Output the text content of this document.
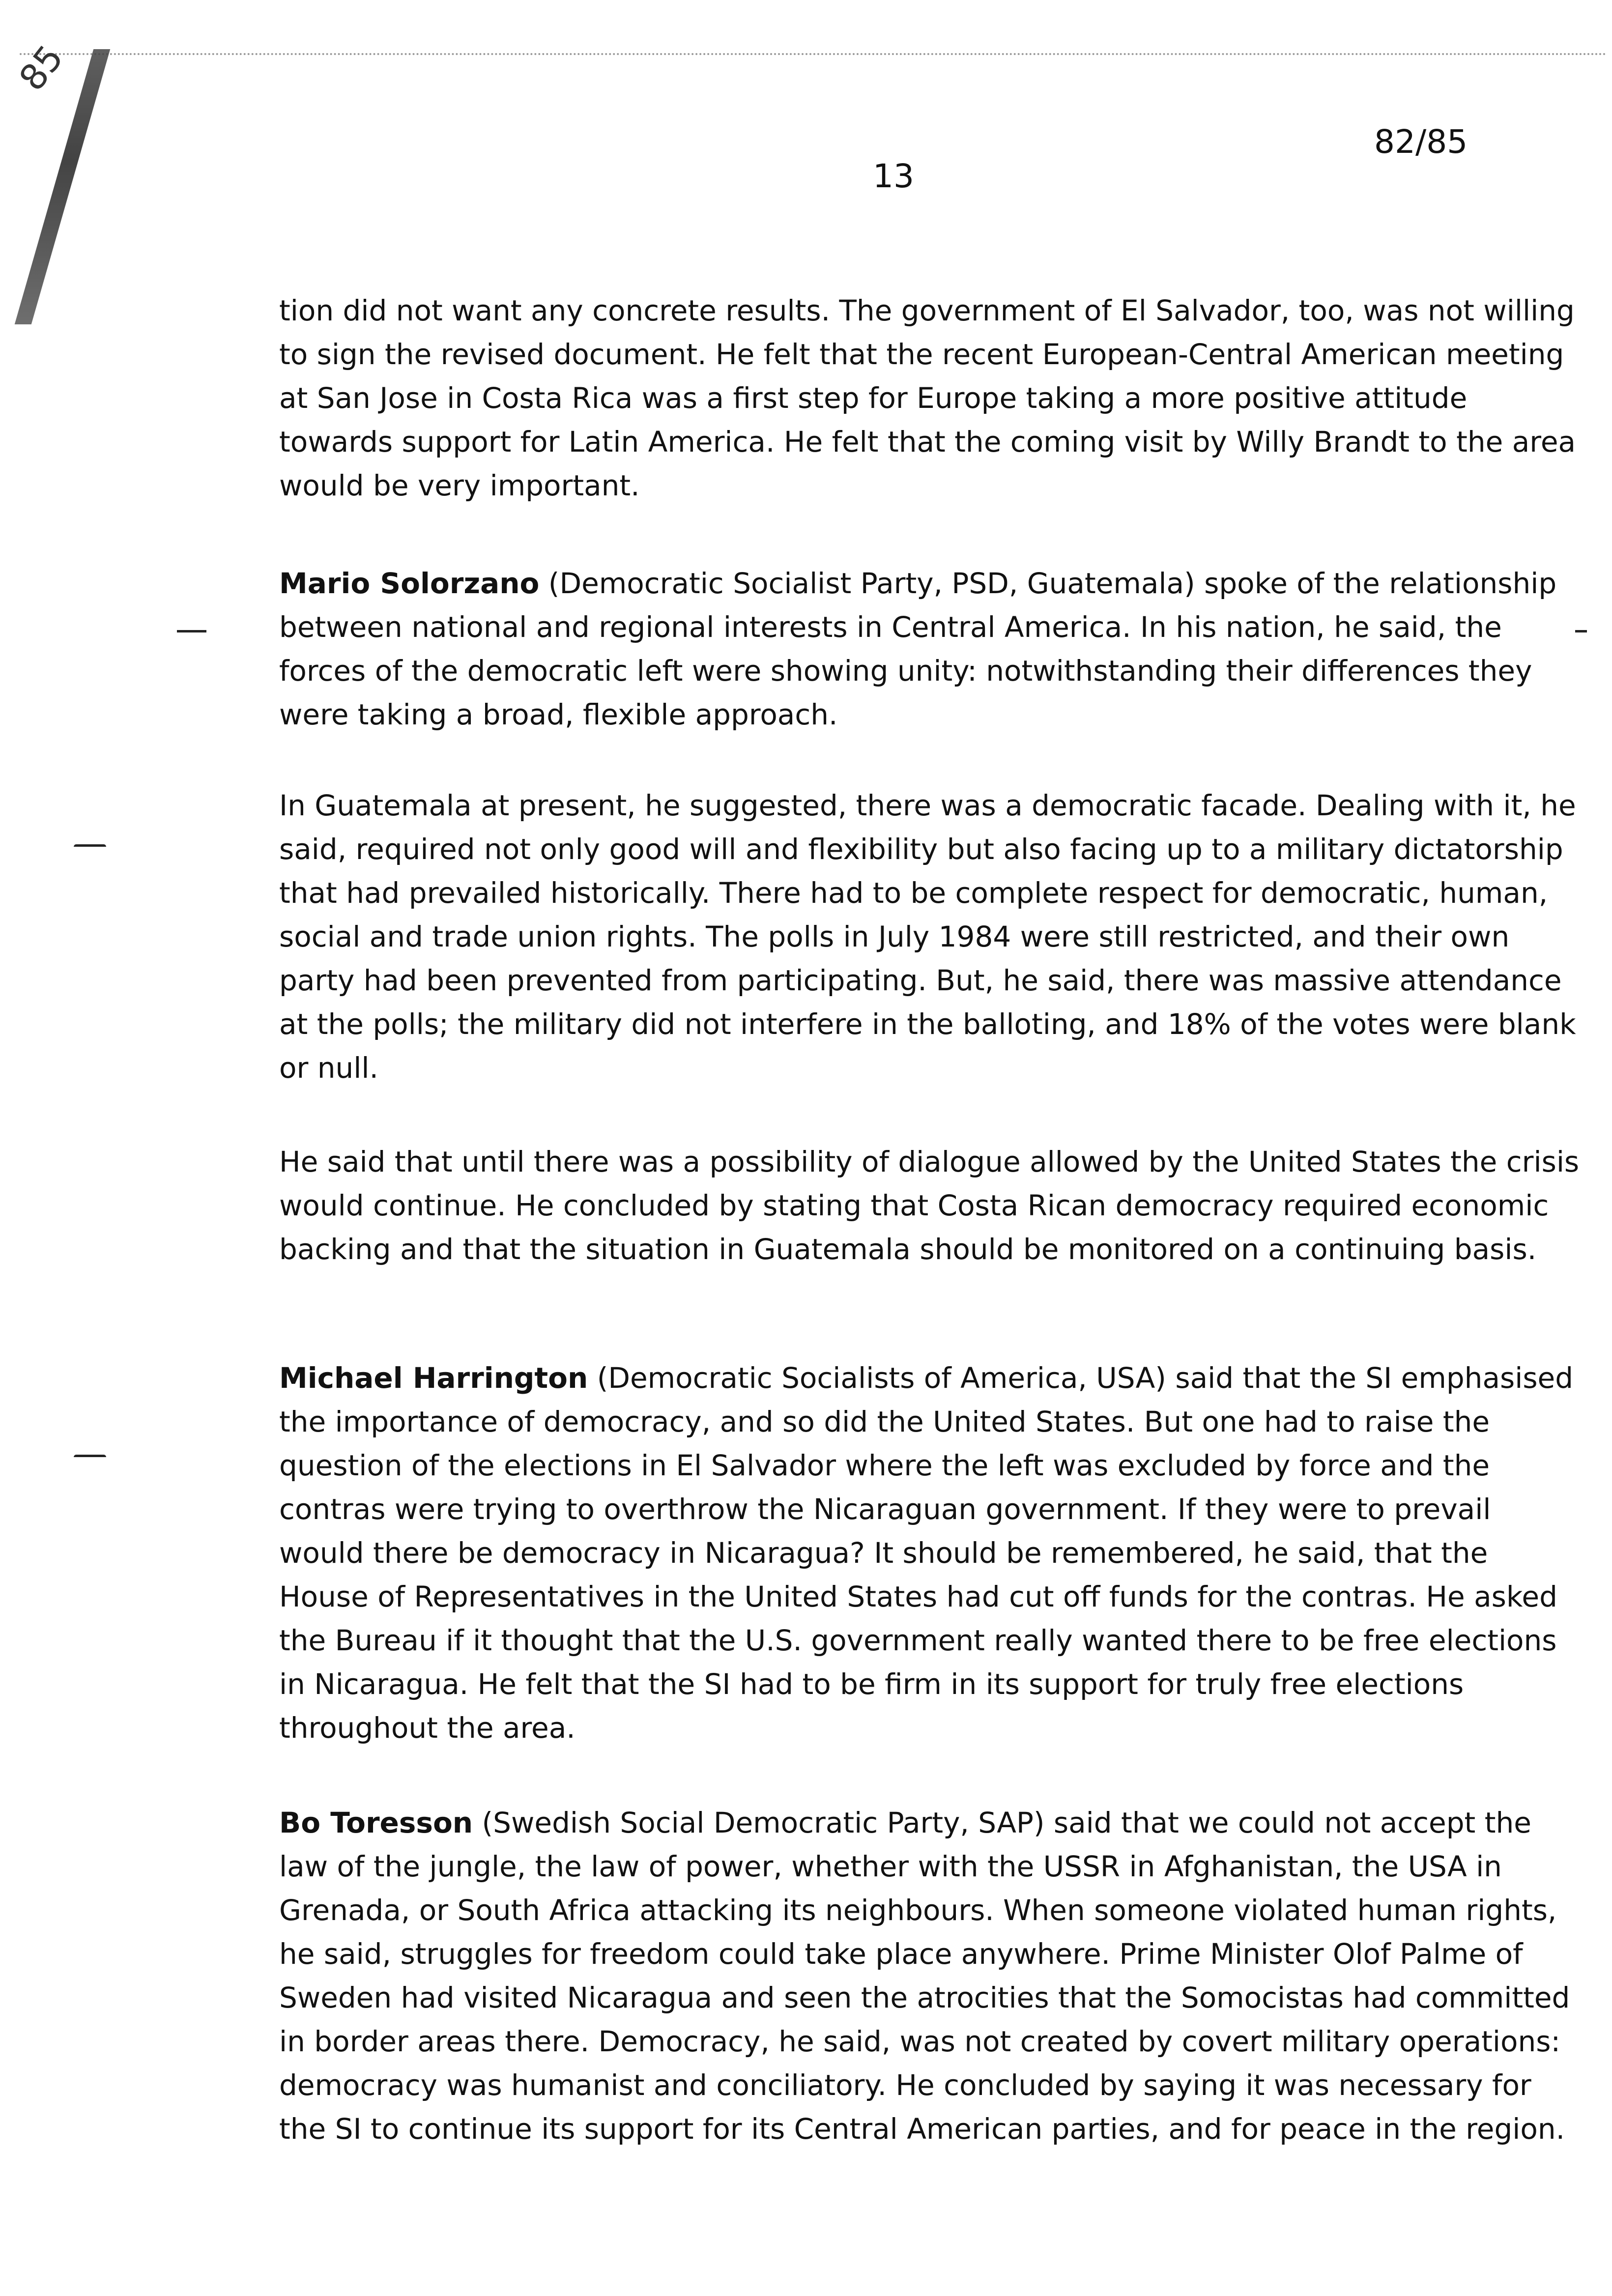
85
13
82/85

tion did not want any concrete results. The government of El Salvador, too, was not willing to sign the revised document. He felt that the recent European-Central American meeting at San Jose in Costa Rica was a first step for Europe taking a more positive attitude towards support for Latin America. He felt that the coming visit by Willy Brandt to the area would be very important.

Mario Solorzano (Democratic Socialist Party, PSD, Guatemala) spoke of the relationship between national and regional interests in Central America. In his nation, he said, the forces of the democratic left were showing unity: notwithstanding their differences they were taking a broad, flexible approach.

In Guatemala at present, he suggested, there was a democratic facade. Dealing with it, he said, required not only good will and flexibility but also facing up to a military dictatorship that had prevailed historically. There had to be complete respect for democratic, human, social and trade union rights. The polls in July 1984 were still restricted, and their own party had been prevented from participating. But, he said, there was massive attendance at the polls; the military did not interfere in the balloting, and 18% of the votes were blank or null.

He said that until there was a possibility of dialogue allowed by the United States the crisis would continue. He concluded by stating that Costa Rican democracy required economic backing and that the situation in Guatemala should be monitored on a continuing basis.

Michael Harrington (Democratic Socialists of America, USA) said that the SI emphasised the importance of democracy, and so did the United States. But one had to raise the question of the elections in El Salvador where the left was excluded by force and the contras were trying to overthrow the Nicaraguan government. If they were to prevail would there be democracy in Nicaragua? It should be remembered, he said, that the House of Representatives in the United States had cut off funds for the contras. He asked the Bureau if it thought that the U.S. government really wanted there to be free elections in Nicaragua. He felt that the SI had to be firm in its support for truly free elections throughout the area.

Bo Toresson (Swedish Social Democratic Party, SAP) said that we could not accept the law of the jungle, the law of power, whether with the USSR in Afghanistan, the USA in Grenada, or South Africa attacking its neighbours. When someone violated human rights, he said, struggles for freedom could take place anywhere. Prime Minister Olof Palme of Sweden had visited Nicaragua and seen the atrocities that the Somocistas had committed in border areas there. Democracy, he said, was not created by covert military operations: democracy was humanist and conciliatory. He concluded by saying it was necessary for the SI to continue its support for its Central American parties, and for peace in the region.
